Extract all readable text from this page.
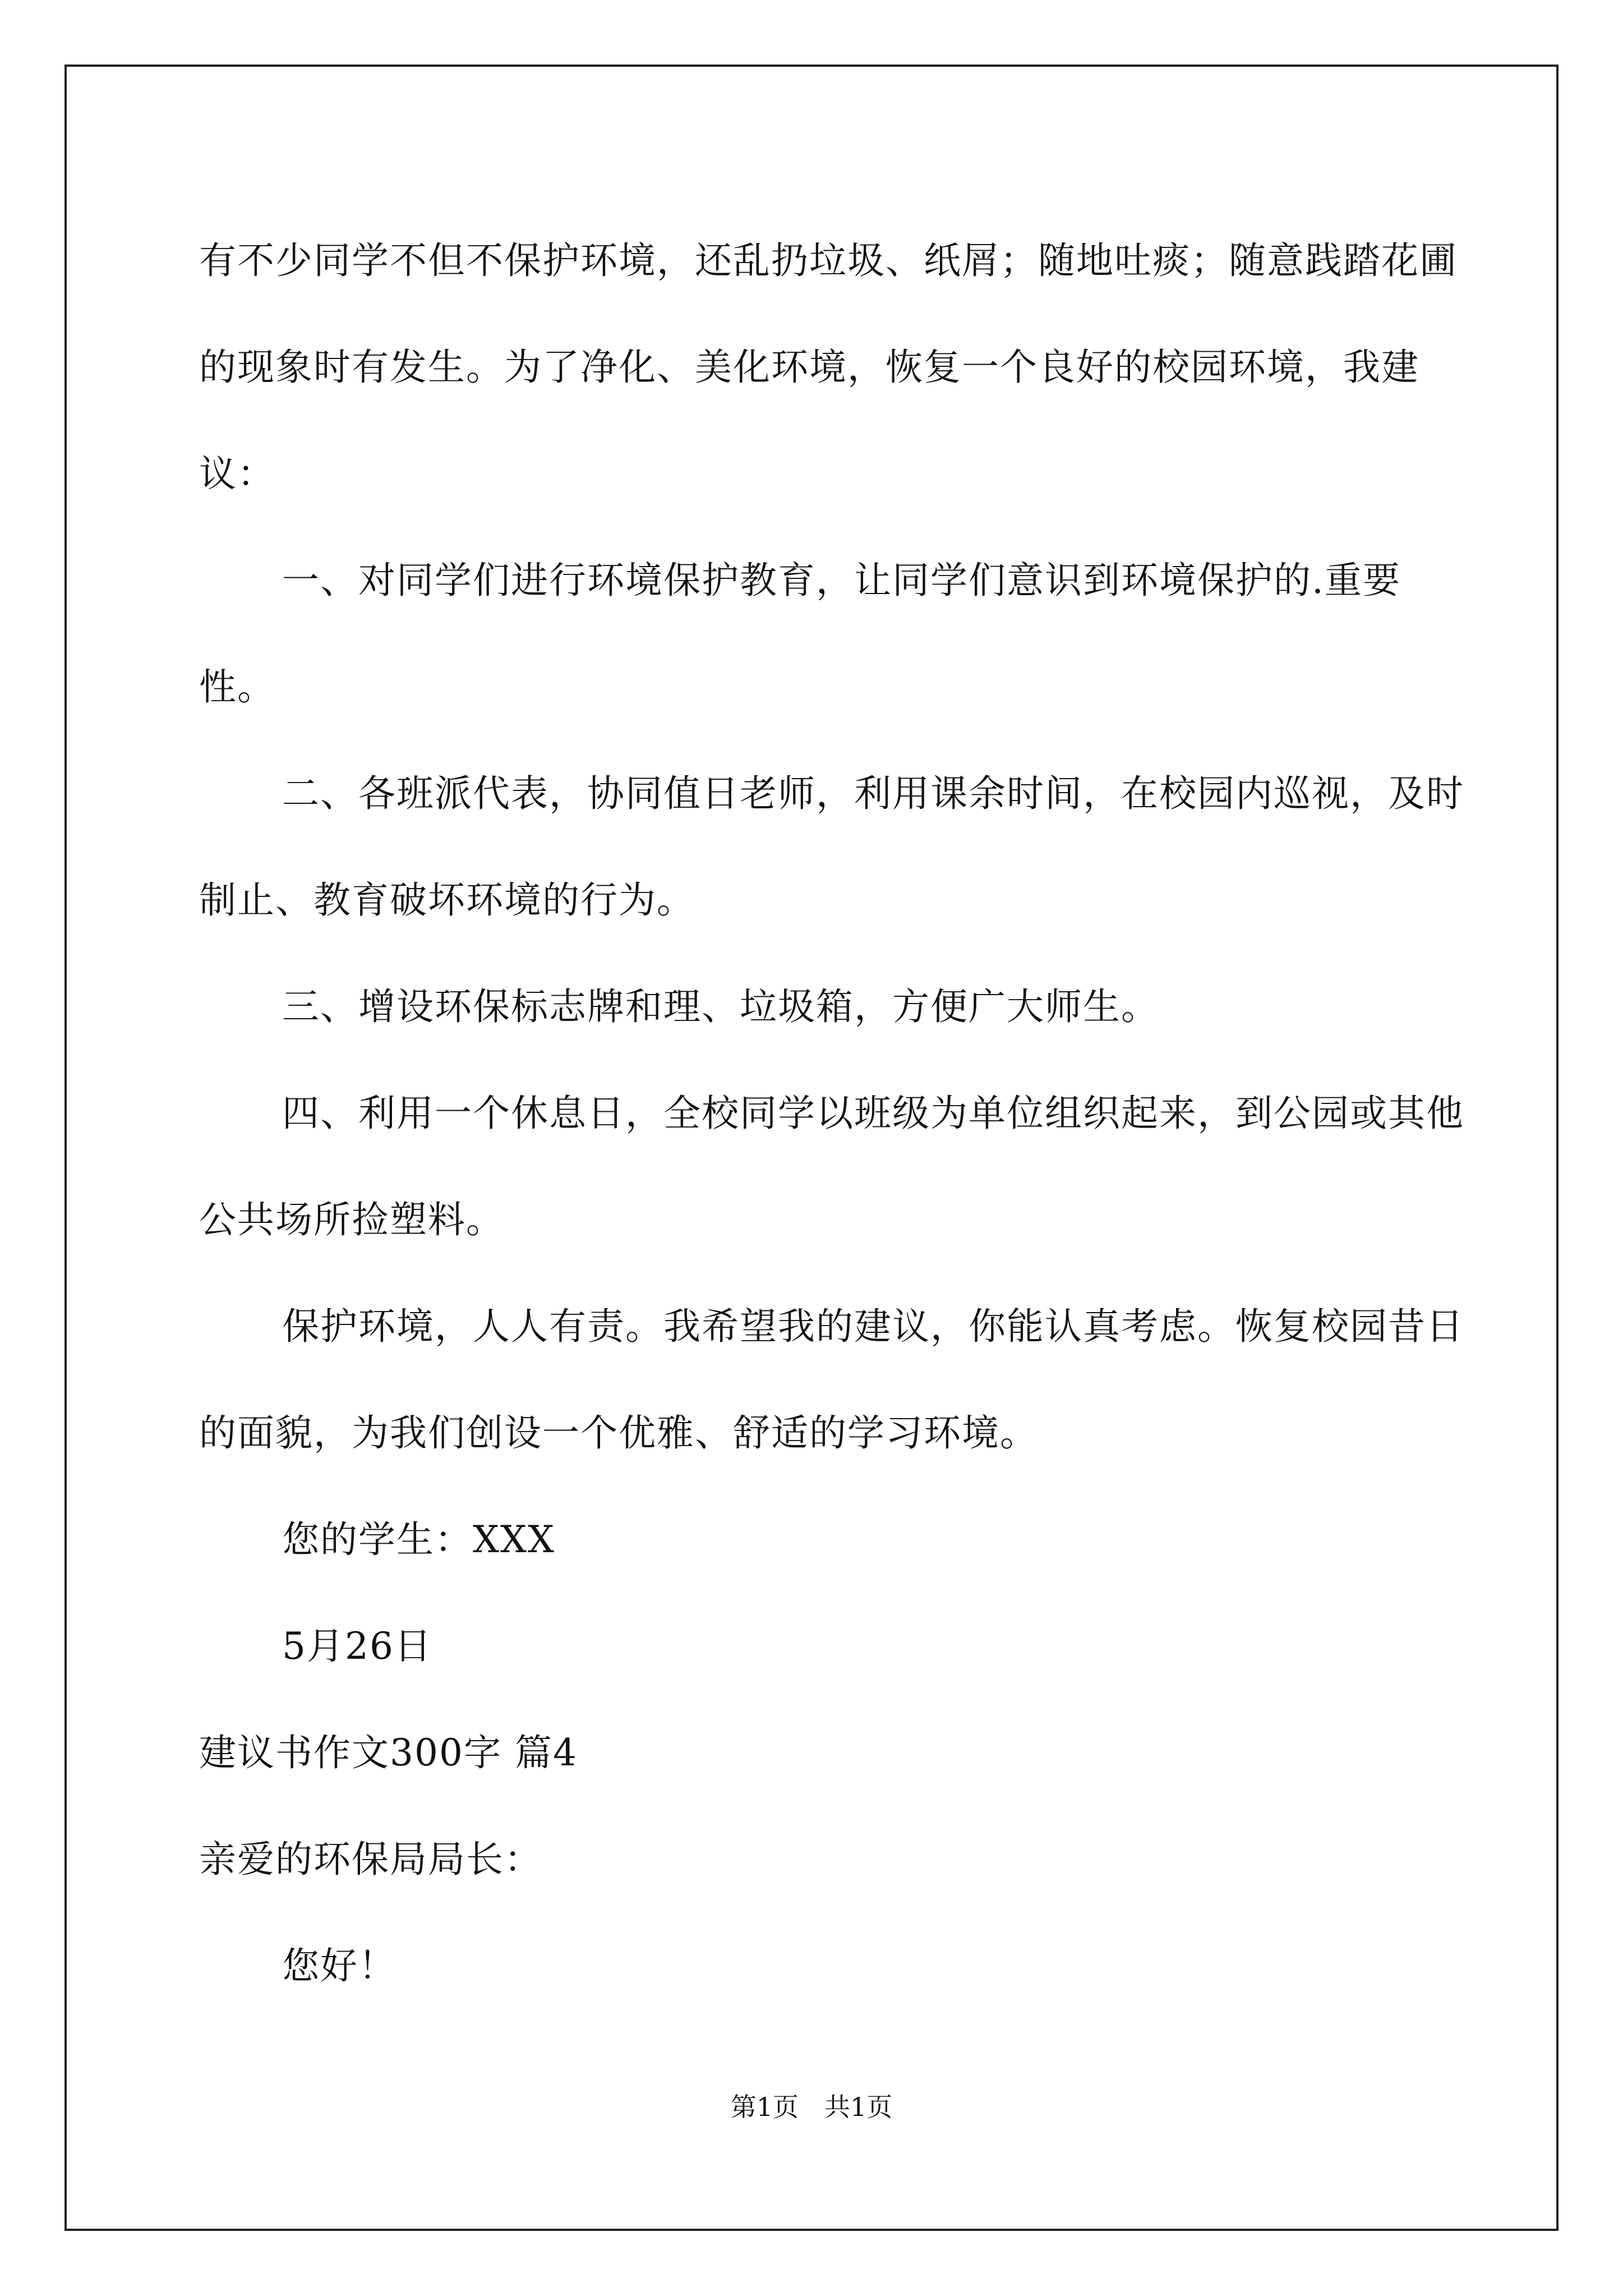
有不少同学不但不保护环境，还乱扔垃圾、纸屑；随地吐痰；随意践踏花圃的现象时有发生。为了净化、美化环境，恢复一个良好的校园环境，我建议：

一、对同学们进行环境保护教育，让同学们意识到环境保护的.重要性。

二、各班派代表，协同值日老师，利用课余时间，在校园内巡视，及时制止、教育破坏环境的行为。

三、增设环保标志牌和理、垃圾箱，方便广大师生。

四、利用一个休息日，全校同学以班级为单位组织起来，到公园或其他公共场所捡塑料。

保护环境，人人有责。我希望我的建议，你能认真考虑。恢复校园昔日的面貌，为我们创设一个优雅、舒适的学习环境。

您的学生：XXX

5月26日

建议书作文300字 篇4

亲爱的环保局局长：

您好！

第1页　共1页
